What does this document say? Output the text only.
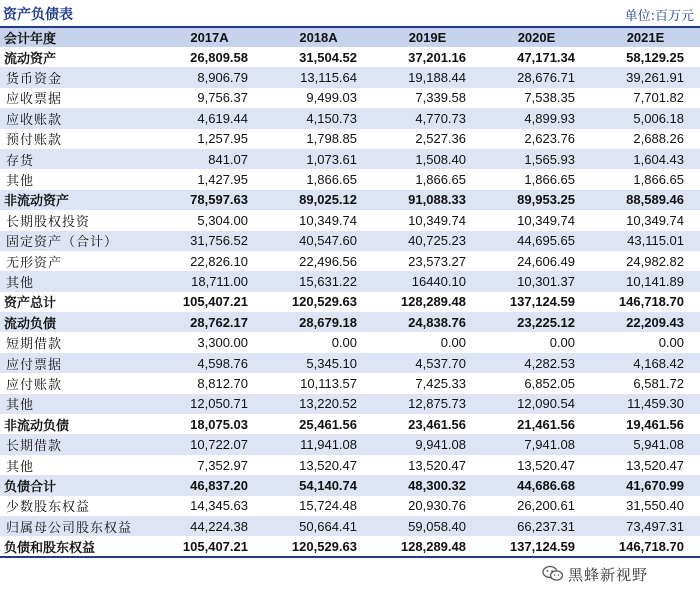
资产负债表	单位:百万元
会计年度	2017A	2018A	2019E	2020E	2021E
流动资产	26,809.58	31,504.52	37,201.16	47,171.34	58,129.25
货币资金	8,906.79	13,115.64	19,188.44	28,676.71	39,261.91
应收票据	9,756.37	9,499.03	7,339.58	7,538.35	7,701.82
应收账款	4,619.44	4,150.73	4,770.73	4,899.93	5,006.18
预付账款	1,257.95	1,798.85	2,527.36	2,623.76	2,688.26
存货	841.07	1,073.61	1,508.40	1,565.93	1,604.43
其他	1,427.95	1,866.65	1,866.65	1,866.65	1,866.65
非流动资产	78,597.63	89,025.12	91,088.33	89,953.25	88,589.46
长期股权投资	5,304.00	10,349.74	10,349.74	10,349.74	10,349.74
固定资产（合计）	31,756.52	40,547.60	40,725.23	44,695.65	43,115.01
无形资产	22,826.10	22,496.56	23,573.27	24,606.49	24,982.82
其他	18,711.00	15,631.22	16440.10	10,301.37	10,141.89
资产总计	105,407.21	120,529.63	128,289.48	137,124.59	146,718.70
流动负债	28,762.17	28,679.18	24,838.76	23,225.12	22,209.43
短期借款	3,300.00	0.00	0.00	0.00	0.00
应付票据	4,598.76	5,345.10	4,537.70	4,282.53	4,168.42
应付账款	8,812.70	10,113.57	7,425.33	6,852.05	6,581.72
其他	12,050.71	13,220.52	12,875.73	12,090.54	11,459.30
非流动负债	18,075.03	25,461.56	23,461.56	21,461.56	19,461.56
长期借款	10,722.07	11,941.08	9,941.08	7,941.08	5,941.08
其他	7,352.97	13,520.47	13,520.47	13,520.47	13,520.47
负债合计	46,837.20	54,140.74	48,300.32	44,686.68	41,670.99
少数股东权益	14,345.63	15,724.48	20,930.76	26,200.61	31,550.40
归属母公司股东权益	44,224.38	50,664.41	59,058.40	66,237.31	73,497.31
负债和股东权益	105,407.21	120,529.63	128,289.48	137,124.59	146,718.70
黑蜂新视野
